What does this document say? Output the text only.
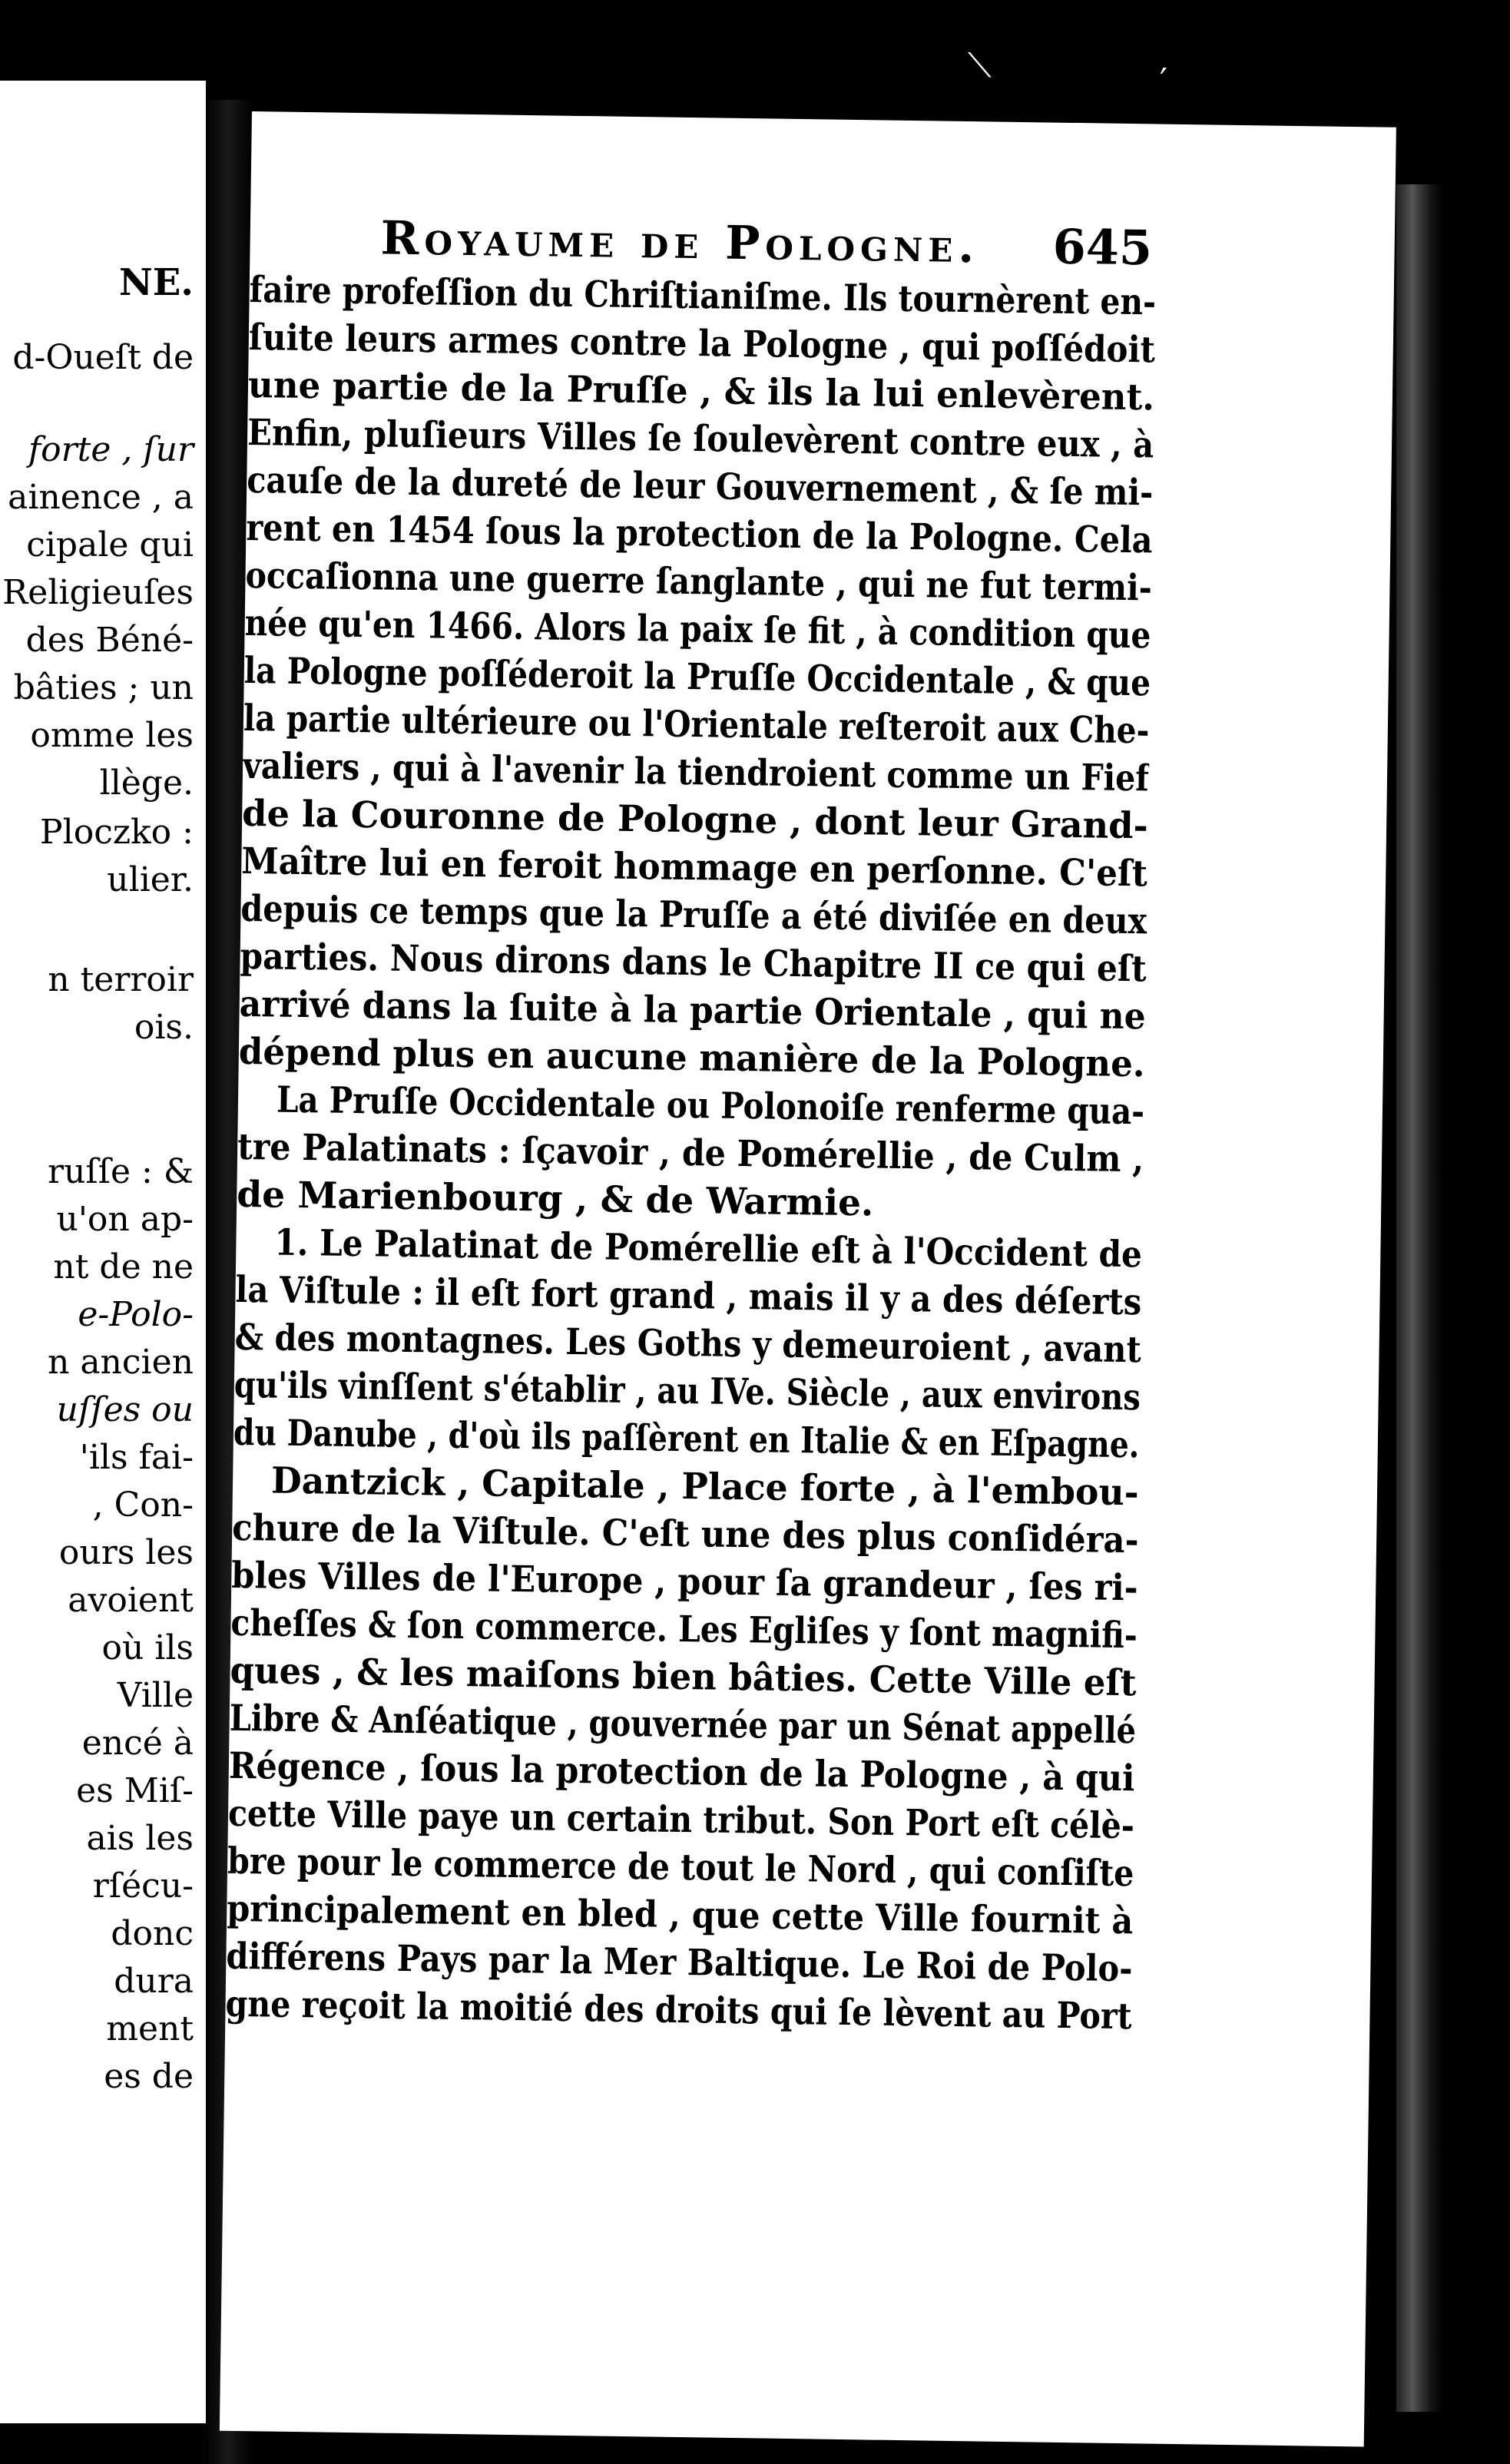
NE.
d-Oueſt de
forte , ſur
ainence , a
cipale qui
Religieuſes
des Béné-
bâties ; un
omme les
llège.
Ploczko :
ulier.
n terroir
ois.
ruſſe : &
u'on ap-
nt de ne
e-Polo-
n ancien
uſſes ou
'ils fai-
, Con-
ours les
avoient
où ils
Ville
encé à
es Miſ-
ais les
rſécu-
donc
dura
ment
es de
Royaume de Pologne. 645
faire profeſſion du Chriſtianiſme. Ils tournèrent en-
ſuite leurs armes contre la Pologne , qui poſſédoit
une partie de la Pruſſe , & ils la lui enlevèrent.
Enfin, pluſieurs Villes ſe ſoulevèrent contre eux , à
cauſe de la dureté de leur Gouvernement , & ſe mi-
rent en 1454 ſous la protection de la Pologne. Cela
occaſionna une guerre ſanglante , qui ne fut termi-
née qu'en 1466. Alors la paix ſe fit , à condition que
la Pologne poſſéderoit la Pruſſe Occidentale , & que
la partie ultérieure ou l'Orientale reſteroit aux Che-
valiers , qui à l'avenir la tiendroient comme un Fief
de la Couronne de Pologne , dont leur Grand-
Maître lui en feroit hommage en perſonne. C'eſt
depuis ce temps que la Pruſſe a été diviſée en deux
parties. Nous dirons dans le Chapitre II ce qui eſt
arrivé dans la ſuite à la partie Orientale , qui ne
dépend plus en aucune manière de la Pologne.
La Pruſſe Occidentale ou Polonoiſe renferme qua-
tre Palatinats : ſçavoir , de Pomérellie , de Culm ,
de Marienbourg , & de Warmie.
1. Le Palatinat de Pomérellie eſt à l'Occident de
la Viſtule : il eſt fort grand , mais il y a des déſerts
& des montagnes. Les Goths y demeuroient , avant
qu'ils vinſſent s'établir , au IVe. Siècle , aux environs
du Danube , d'où ils paſſèrent en Italie & en Eſpagne.
Dantzick , Capitale , Place forte , à l'embou-
chure de la Viſtule. C'eſt une des plus conſidéra-
bles Villes de l'Europe , pour ſa grandeur , ſes ri-
cheſſes & ſon commerce. Les Egliſes y ſont magnifi-
ques , & les maiſons bien bâties. Cette Ville eſt
Libre & Anſéatique , gouvernée par un Sénat appellé
Régence , ſous la protection de la Pologne , à qui
cette Ville paye un certain tribut. Son Port eſt célè-
bre pour le commerce de tout le Nord , qui conſiſte
principalement en bled , que cette Ville fournit à
différens Pays par la Mer Baltique. Le Roi de Polo-
gne reçoit la moitié des droits qui ſe lèvent au Port
⟍	′
